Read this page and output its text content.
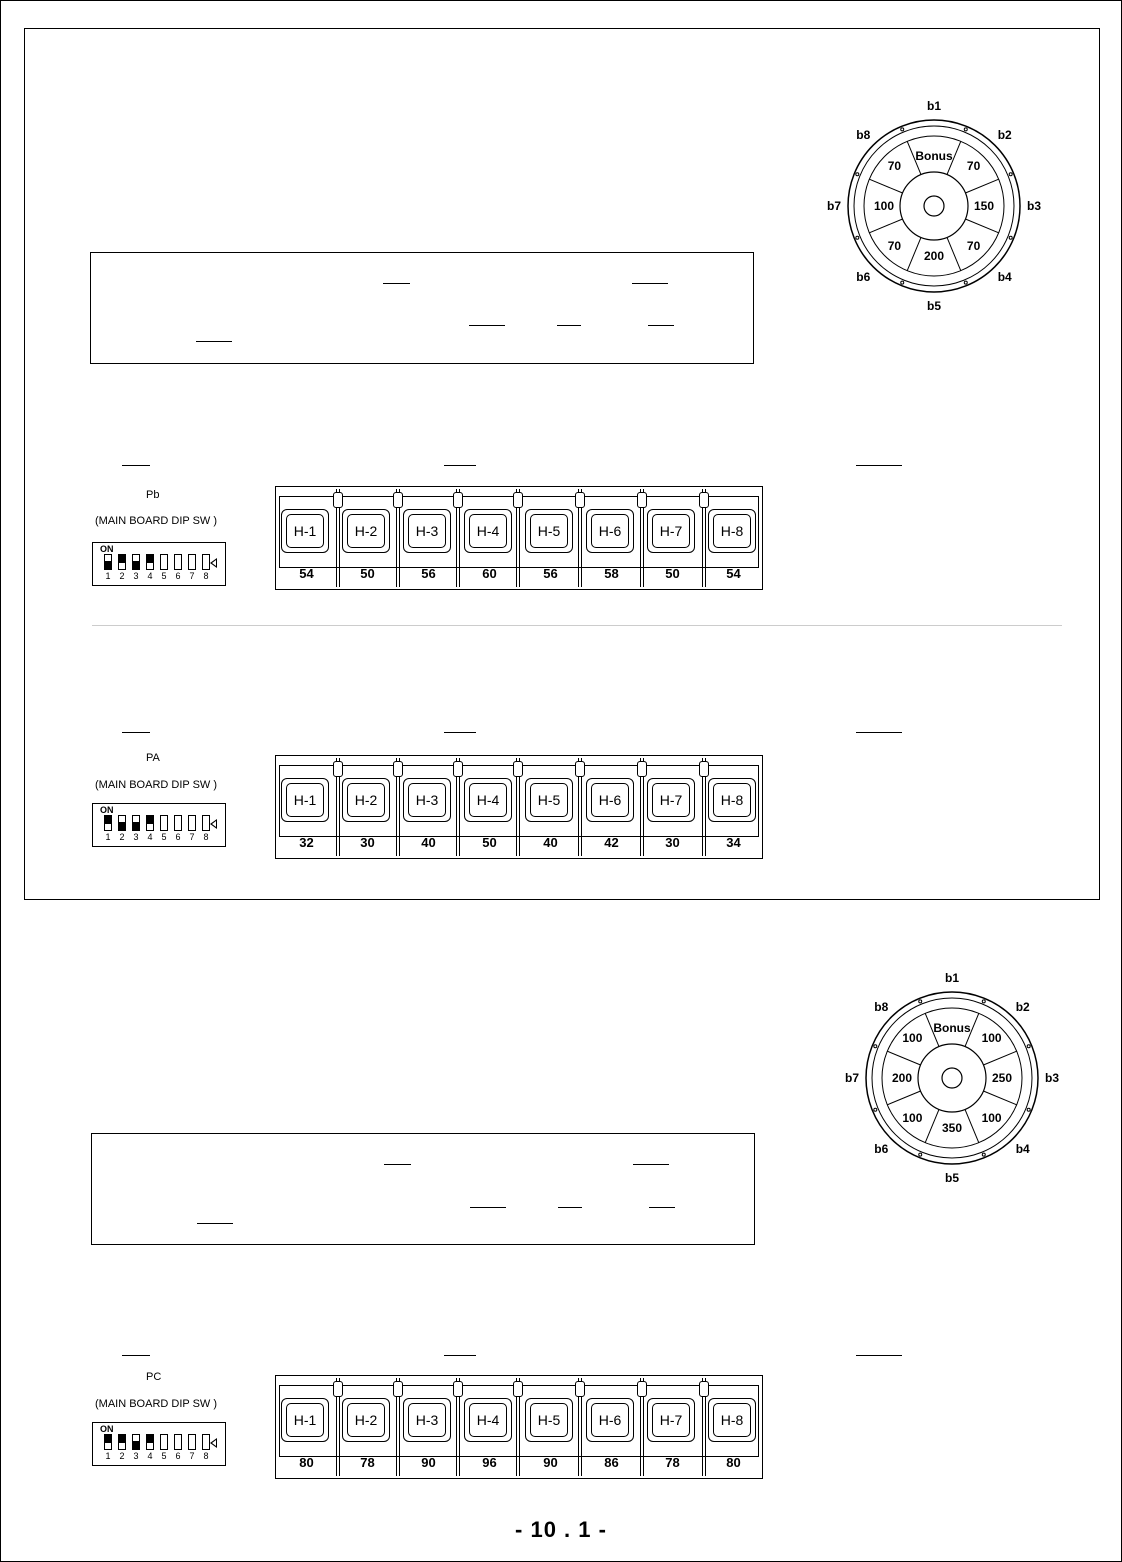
Pb
(MAIN BOARD DIP SW )
ON
1 2 3 4 5 6 7 8
H-1
54
H-2
50
H-3
56
H-4
60
H-5
56
H-6
58
H-7
50
H-8
54
PA
(MAIN BOARD DIP SW )
ON
1 2 3 4 5 6 7 8
H-1
32
H-2
30
H-3
40
H-4
50
H-5
40
H-6
42
H-7
30
H-8
34
PC
(MAIN BOARD DIP SW )
ON
1 2 3 4 5 6 7 8
H-1
80
H-2
78
H-3
90
H-4
96
H-5
90
H-6
86
H-7
78
H-8
80
b1
b2
b3
b4
b5
b6
b7
b8
Bonus
70
150
70
200
70
100
70
b1
b2
b3
b4
b5
b6
b7
b8
Bonus
100
250
100
350
100
200
100
- 10 . 1 -
